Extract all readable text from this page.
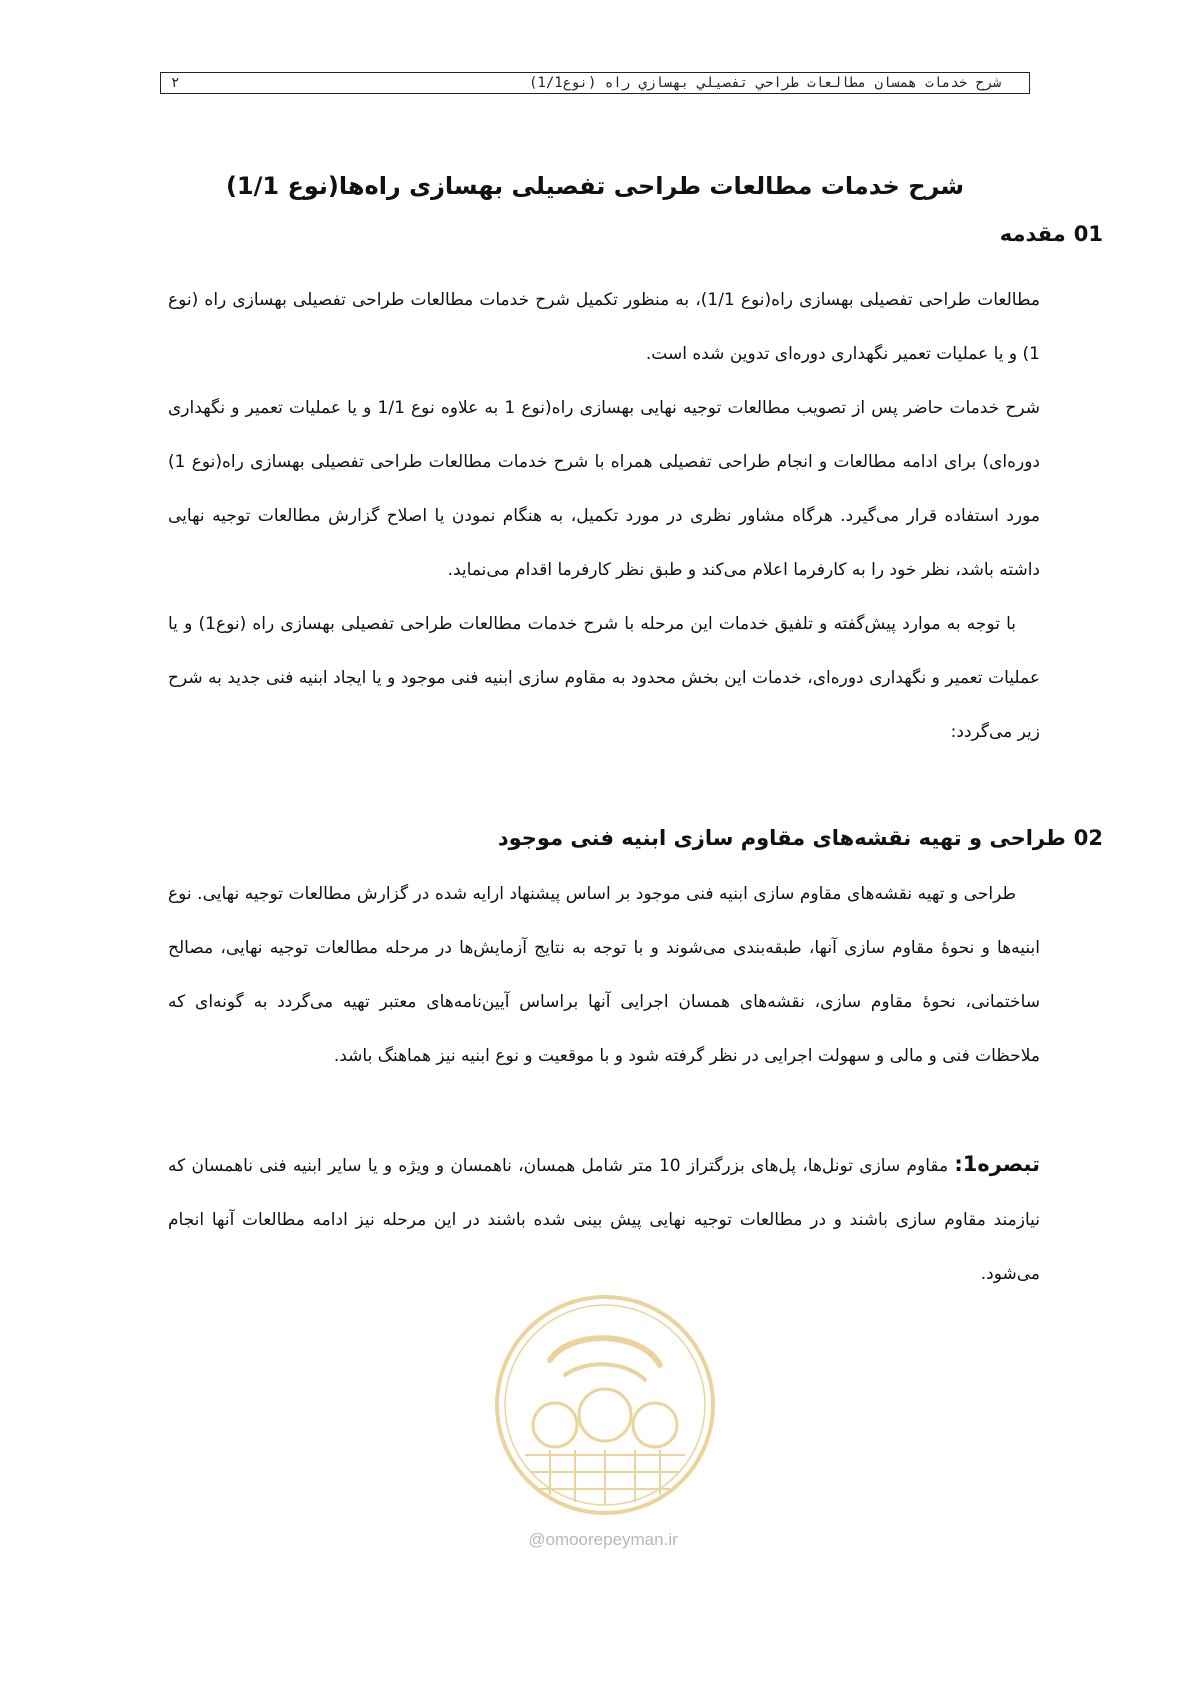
شرح خدمات همسان مطالعات طراحي تفصيلي بهسازي راه (نوع1/1)
۲
شرح خدمات مطالعات طراحی تفصیلی بهسازی راه‌ها(نوع 1/1)
01مقدمه

مطالعات طراحی تفصیلی بهسازی راه(نوع 1/1)، به منظور تکمیل شرح خدمات مطالعات طراحی تفصیلی بهسازی راه (نوع 1) و یا عملیات تعمیر نگهداری دوره‌ای تدوین شده است.

شرح خدمات حاضر پس از تصویب مطالعات توجیه نهایی بهسازی راه(نوع 1 به علاوه نوع 1/1 و یا عملیات تعمیر و نگهداری دوره‌ای) برای ادامه مطالعات و انجام طراحی تفصیلی همراه با شرح خدمات مطالعات طراحی تفصیلی بهسازی راه(نوع 1) مورد استفاده قرار می‌گیرد. هرگاه مشاور نظری در مورد تکمیل، به هنگام نمودن یا اصلاح گزارش مطالعات توجیه نهایی داشته باشد، نظر خود را به کارفرما اعلام می‌کند و طبق نظر کارفرما اقدام می‌نماید.

با توجه به موارد پیش‌گفته و تلفیق خدمات این مرحله با شرح خدمات مطالعات طراحی تفصیلی بهسازی راه (نوع1) و یا عملیات تعمیر و نگهداری دوره‌ای، خدمات این بخش محدود به مقاوم سازی ابنیه فنی موجود و یا ایجاد ابنیه فنی جدید به شرح زیر می‌گردد:

02طراحی و تهیه نقشه‌های مقاوم سازی ابنیه فنی موجود

طراحی و تهیه نقشه‌های مقاوم سازی ابنیه فنی موجود بر اساس پیشنهاد ارایه شده در گزارش مطالعات توجیه نهایی. نوع ابنیه‌ها و نحوهٔ مقاوم سازی آنها، طبقه‌بندی می‌شوند و با توجه به نتایج آزمایش‌ها در مرحله مطالعات توجیه نهایی، مصالح ساختمانی، نحوهٔ مقاوم سازی، نقشه‌های همسان اجرایی آنها براساس آیین‌نامه‌های معتبر تهیه می‌گردد به گونه‌ای که ملاحظات فنی و مالی و سهولت اجرایی در نظر گرفته شود و با موقعیت و نوع ابنیه نیز هماهنگ باشد.

تبصره1: مقاوم سازی تونل‌ها، پل‌های بزرگتراز 10 متر شامل همسان، ناهمسان و ویژه و یا سایر ابنیه فنی ناهمسان که نیازمند مقاوم سازی باشند و در مطالعات توجیه نهایی پیش بینی شده باشند در این مرحله نیز ادامه مطالعات آنها انجام می‌شود.

@omoorepeyman.ir
